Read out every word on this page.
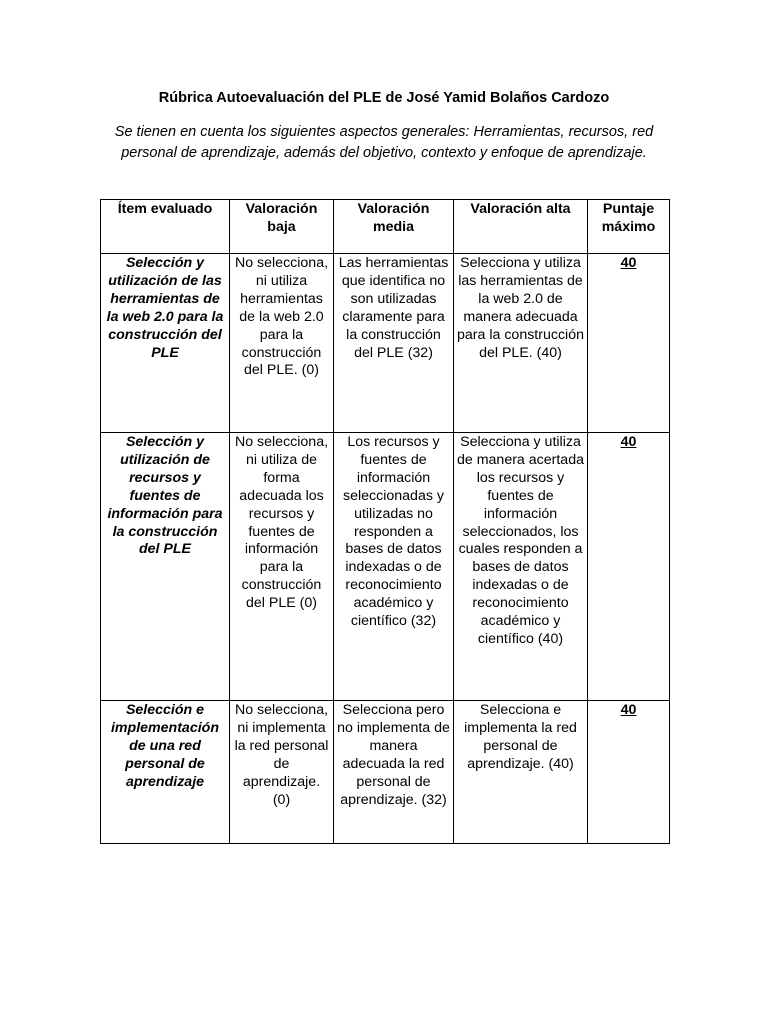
Rúbrica Autoevaluación del PLE de José Yamid Bolaños Cardozo
Se tienen en cuenta los siguientes aspectos generales: Herramientas, recursos, red personal de aprendizaje, además del objetivo, contexto y enfoque de aprendizaje.
Ítem evaluado	Valoración baja	Valoración media	Valoración alta	Puntaje máximo
Selección y utilización de las herramientas de la web 2.0 para la construcción del PLE	No selecciona, ni utiliza herramientas de la web 2.0 para la construcción del PLE. (0)	Las herramientas que identifica no son utilizadas claramente para la construcción del PLE (32)	Selecciona y utiliza las herramientas de la web 2.0 de manera adecuada para la construcción del PLE. (40)	40
Selección y utilización de recursos y fuentes de información para la construcción del PLE	No selecciona, ni utiliza de forma adecuada los recursos y fuentes de información para la construcción del PLE (0)	Los recursos y fuentes de información seleccionadas y utilizadas no responden a bases de datos indexadas o de reconocimiento académico y científico (32)	Selecciona y utiliza de manera acertada los recursos y fuentes de información seleccionados, los cuales responden a bases de datos indexadas o de reconocimiento académico y científico (40)	40
Selección e implementación de una red personal de aprendizaje	No selecciona, ni implementa la red personal de aprendizaje. (0)	Selecciona pero no implementa de manera adecuada la red personal de aprendizaje. (32)	Selecciona e implementa la red personal de aprendizaje. (40)	40
